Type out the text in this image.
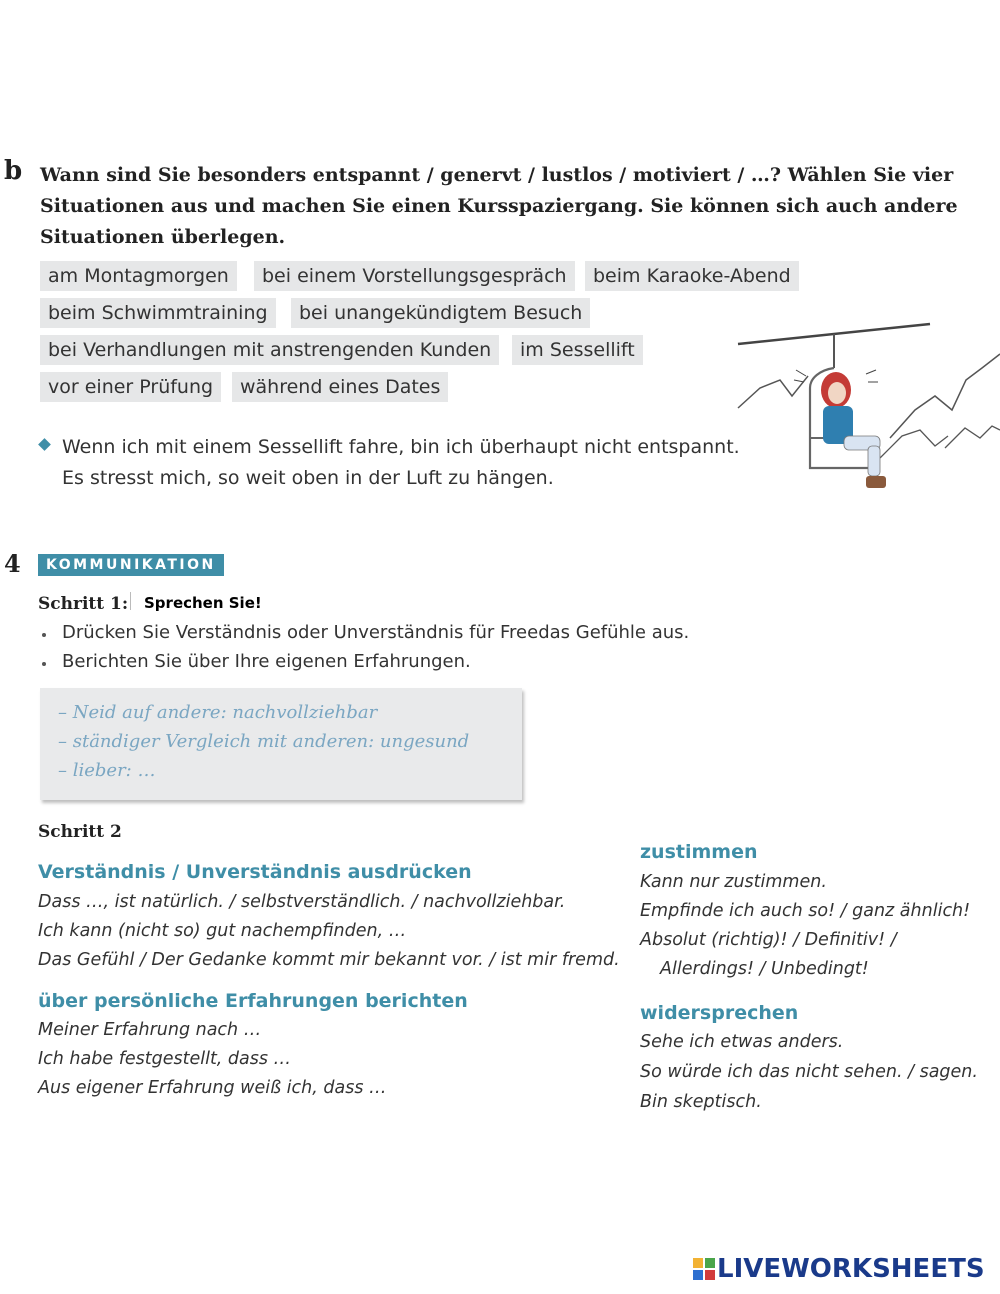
b Wann sind Sie besonders entspannt / genervt / lustlos / motiviert / …? Wählen Sie vier
Situationen aus und machen Sie einen Kursspaziergang. Sie können sich auch andere
Situationen überlegen.
am Montagmorgen	bei einem Vorstellungsgespräch	beim Karaoke-Abend
beim Schwimmtraining	bei unangekündigtem Besuch
bei Verhandlungen mit anstrengenden Kunden	im Sessellift
vor einer Prüfung	während eines Dates
Wenn ich mit einem Sessellift fahre, bin ich überhaupt nicht entspannt.
Es stresst mich, so weit oben in der Luft zu hängen.
4	KOMMUNIKATION
Schritt 1: Sprechen Sie!
Drücken Sie Verständnis oder Unverständnis für Freedas Gefühle aus.
Berichten Sie über Ihre eigenen Erfahrungen.
– Neid auf andere: nachvollziehbar
– ständiger Vergleich mit anderen: ungesund
– lieber: …
Schritt 2
Verständnis / Unverständnis ausdrücken
Dass …, ist natürlich. / selbstverständlich. / nachvollziehbar.
Ich kann (nicht so) gut nachempfinden, …
Das Gefühl / Der Gedanke kommt mir bekannt vor. / ist mir fremd.
über persönliche Erfahrungen berichten
Meiner Erfahrung nach …
Ich habe festgestellt, dass …
Aus eigener Erfahrung weiß ich, dass …
zustimmen
Kann nur zustimmen.
Empfinde ich auch so! / ganz ähnlich!
Absolut (richtig)! / Definitiv! /
Allerdings! / Unbedingt!
widersprechen
Sehe ich etwas anders.
So würde ich das nicht sehen. / sagen.
Bin skeptisch.
LIVEWORKSHEETS
